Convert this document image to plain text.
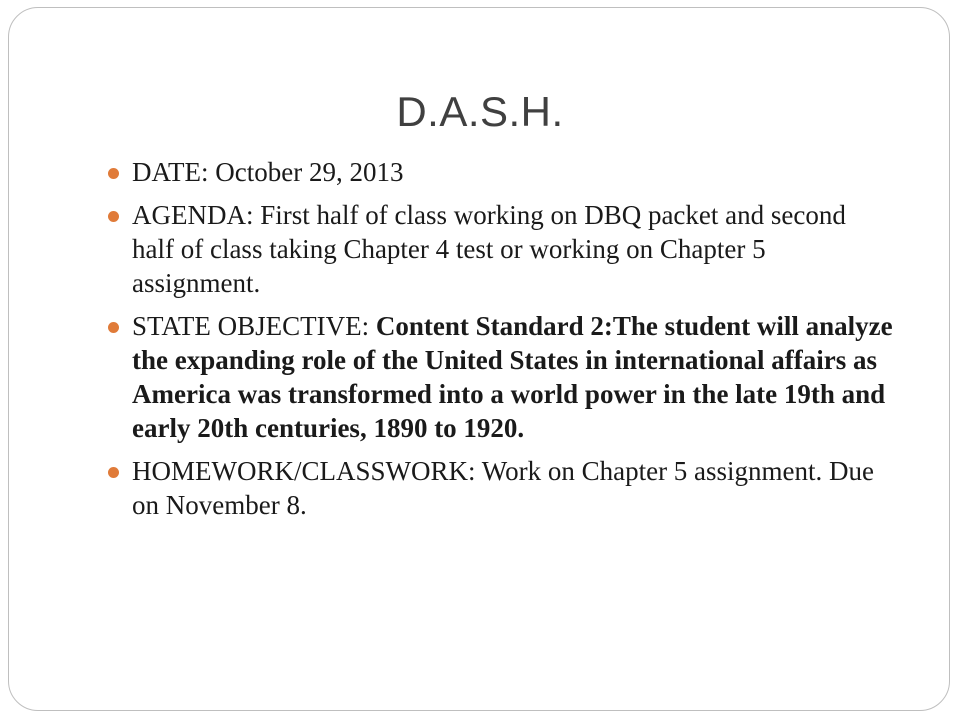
D.A.S.H.
DATE: October 29, 2013
AGENDA: First half of class working on DBQ packet and second half of class taking Chapter 4 test or working on Chapter 5 assignment.
STATE OBJECTIVE: Content Standard 2:The student will analyze the expanding role of the United States in international affairs as America was transformed into a world power in the late 19th and early 20th centuries, 1890 to 1920.
HOMEWORK/CLASSWORK: Work on Chapter 5 assignment. Due on November 8.
